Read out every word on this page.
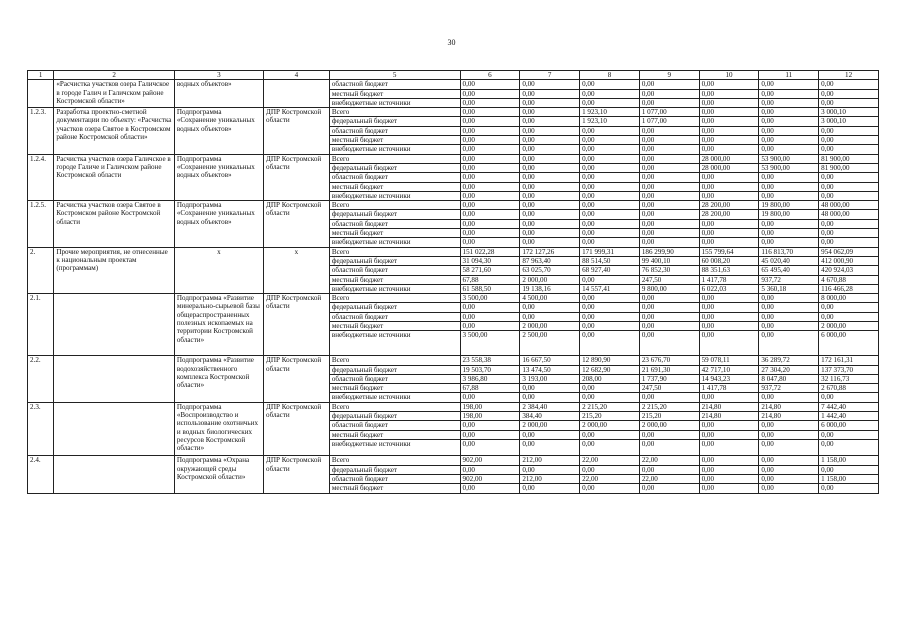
30
1	2	3	4	5	6	7	8	9	10	11	12
	«Расчистка участков озера Галичское в городе Галич и Галичском районе Костромской области»	водных объектов»		областной бюджет	0,00	0,00	0,00	0,00	0,00	0,00	0,00
				местный бюджет	0,00	0,00	0,00	0,00	0,00	0,00	0,00
				внебюджетные источники	0,00	0,00	0,00	0,00	0,00	0,00	0,00

1.2.3.	Разработка проектно-сметной документации по объекту: «Расчистка участков озера Святое в Костромском районе Костромской области»	Подпрограмма «Сохранение уникальных водных объектов»	ДПР Костромской области	Всего	0,00	0,00	1 923,10	1 077,00	0,00	0,00	3 000,10
				федеральный бюджет	0,00	0,00	1 923,10	1 077,00	0,00	0,00	3 000,10
				областной бюджет	0,00	0,00	0,00	0,00	0,00	0,00	0,00
				местный бюджет	0,00	0,00	0,00	0,00	0,00	0,00	0,00
				внебюджетные источники	0,00	0,00	0,00	0,00	0,00	0,00	0,00
1.2.4.	Расчистка участков озера Галичское в городе Галиче и Галичском районе Костромской области	Подпрограмма «Сохранение уникальных водных объектов»	ДПР Костромской области	Всего	0,00	0,00	0,00	0,00	28 000,00	53 900,00	81 900,00
				федеральный бюджет	0,00	0,00	0,00	0,00	28 000,00	53 900,00	81 900,00
				областной бюджет	0,00	0,00	0,00	0,00	0,00	0,00	0,00
				местный бюджет	0,00	0,00	0,00	0,00	0,00	0,00	0,00
				внебюджетные источники	0,00	0,00	0,00	0,00	0,00	0,00	0,00
1.2.5.	Расчистка участков озера Святое в Костромском районе Костромской области	Подпрограмма «Сохранение уникальных водных объектов»	ДПР Костромской области	Всего	0,00	0,00	0,00	0,00	28 200,00	19 800,00	48 000,00
				федеральный бюджет	0,00	0,00	0,00	0,00	28 200,00	19 800,00	48 000,00
				областной бюджет	0,00	0,00	0,00	0,00	0,00	0,00	0,00
				местный бюджет	0,00	0,00	0,00	0,00	0,00	0,00	0,00
				внебюджетные источники	0,00	0,00	0,00	0,00	0,00	0,00	0,00
2.	Прочие мероприятия, не отнесенные к национальным проектам (программам)	x	x	Всего	151 022,28	172 127,26	171 999,31	186 299,90	155 799,64	116 813,70	954 062,09
				федеральный бюджет	31 094,30	87 963,40	88 514,50	99 400,10	60 008,20	45 020,40	412 000,90
				областной бюджет	58 271,60	63 025,70	68 927,40	76 852,30	88 351,63	65 495,40	420 924,03
				местный бюджет	67,88	2 000,00	0,00	247,50	1 417,78	937,72	4 670,88
				внебюджетные источники	61 588,50	19 138,16	14 557,41	9 800,00	6 022,03	5 360,18	116 466,28
2.1.		Подпрограмма «Развитие минерально-сырьевой базы общераспространенных полезных ископаемых на территории Костромской области»	ДПР Костромской области	Всего	3 500,00	4 500,00	0,00	0,00	0,00	0,00	8 000,00
				федеральный бюджет	0,00	0,00	0,00	0,00	0,00	0,00	0,00
				областной бюджет	0,00	0,00	0,00	0,00	0,00	0,00	0,00
				местный бюджет	0,00	2 000,00	0,00	0,00	0,00	0,00	2 000,00
				внебюджетные источники	3 500,00	2 500,00	0,00	0,00	0,00	0,00	6 000,00

2.2.		Подпрограмма «Развитие водохозяйственного комплекса Костромской области»	ДПР Костромской области	Всего	23 558,38	16 667,50	12 890,90	23 676,70	59 078,11	36 289,72	172 161,31
				федеральный бюджет	19 503,70	13 474,50	12 682,90	21 691,30	42 717,10	27 304,20	137 373,70
				областной бюджет	3 986,80	3 193,00	208,00	1 737,90	14 943,23	8 047,80	32 116,73
				местный бюджет	67,88	0,00	0,00	247,50	1 417,78	937,72	2 670,88
				внебюджетные источники	0,00	0,00	0,00	0,00	0,00	0,00	0,00
2.3.		Подпрограмма «Воспроизводство и использование охотничьих и водных биологических ресурсов Костромской области»	ДПР Костромской области	Всего	198,00	2 384,40	2 215,20	2 215,20	214,80	214,80	7 442,40
				федеральный бюджет	198,00	384,40	215,20	215,20	214,80	214,80	1 442,40
				областной бюджет	0,00	2 000,00	2 000,00	2 000,00	0,00	0,00	6 000,00
				местный бюджет	0,00	0,00	0,00	0,00	0,00	0,00	0,00
				внебюджетные источники	0,00	0,00	0,00	0,00	0,00	0,00	0,00

2.4.		Подпрограмма «Охрана окружающей среды Костромской области»	ДПР Костромской области	Всего	902,00	212,00	22,00	22,00	0,00	0,00	1 158,00
				федеральный бюджет	0,00	0,00	0,00	0,00	0,00	0,00	0,00
				областной бюджет	902,00	212,00	22,00	22,00	0,00	0,00	1 158,00
				местный бюджет	0,00	0,00	0,00	0,00	0,00	0,00	0,00
